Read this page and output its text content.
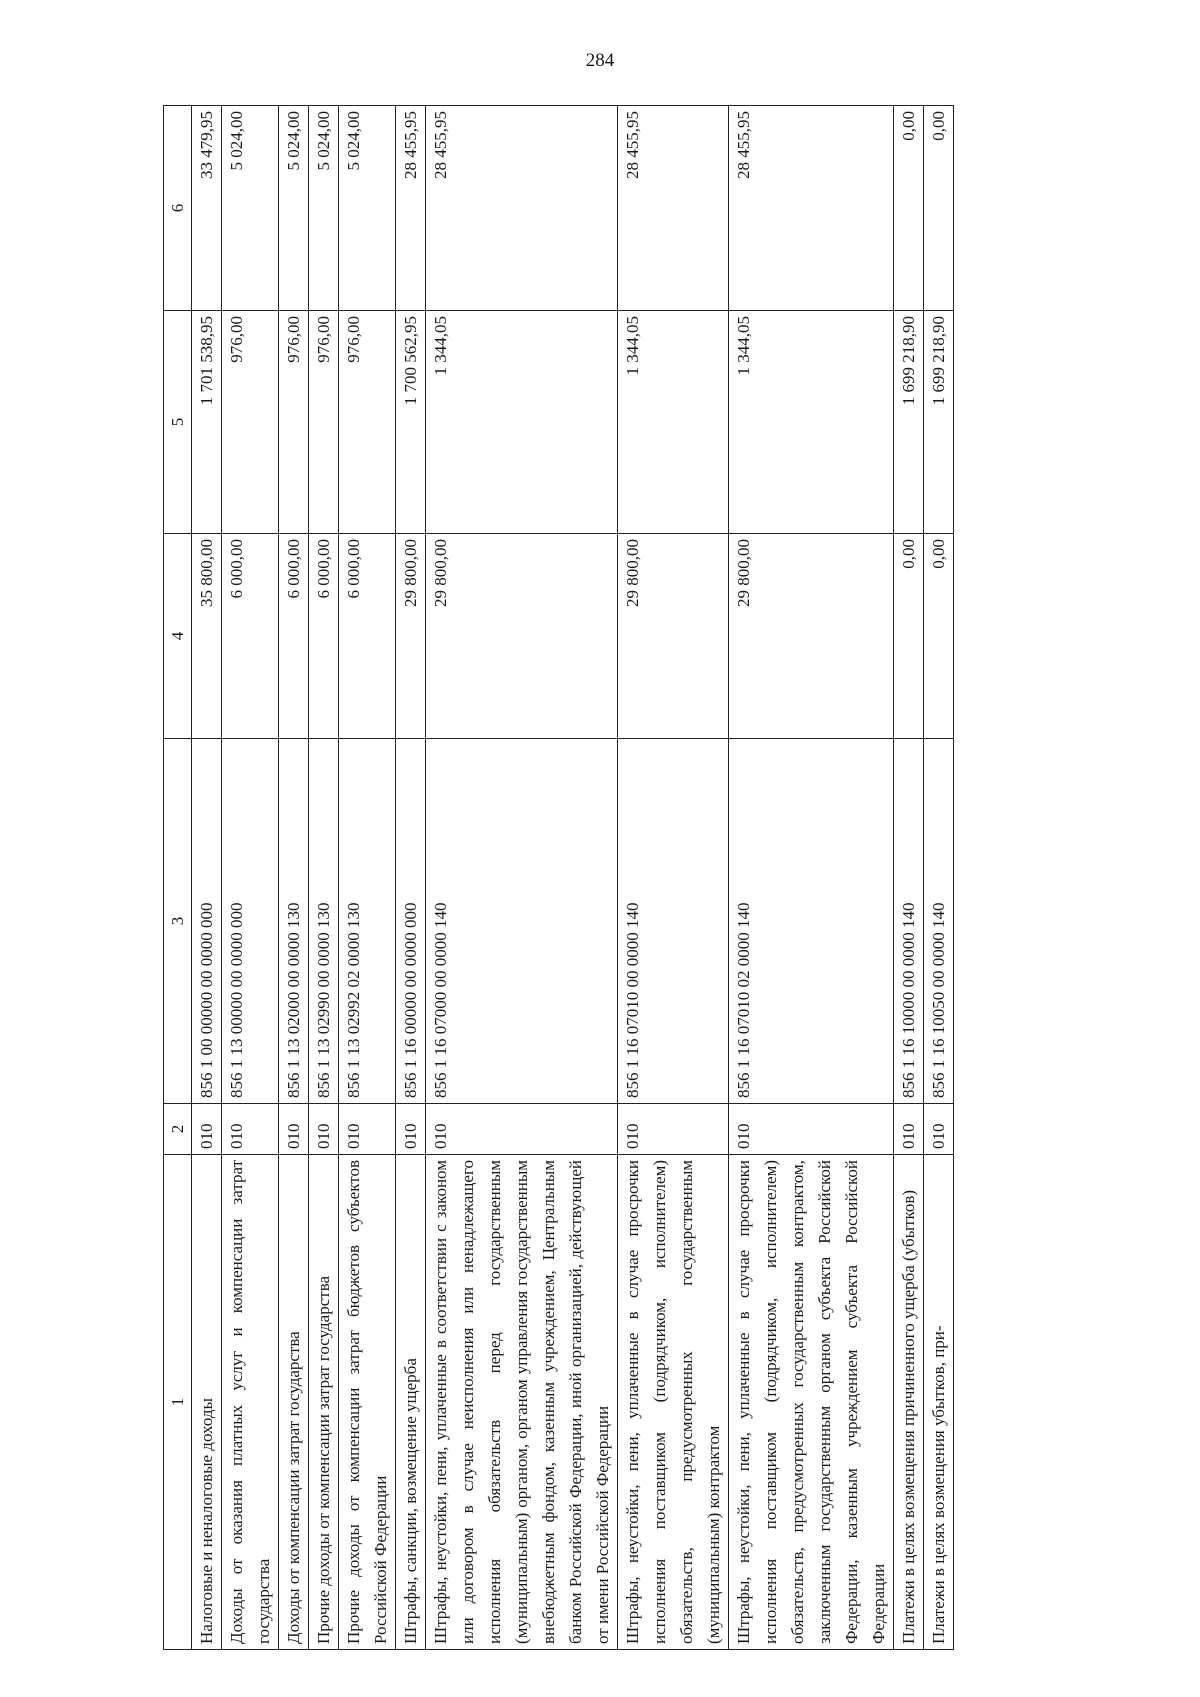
284
1	2	3	4	5	6
Налоговые и неналоговые доходы	010	856 1 00 00000 00 0000 000	35 800,00	1 701 538,95	33 479,95
Доходы от оказания платных услуг и компенсации затрат государства	010	856 1 13 00000 00 0000 000	6 000,00	976,00	5 024,00
Доходы от компенсации затрат государства	010	856 1 13 02000 00 0000 130	6 000,00	976,00	5 024,00
Прочие доходы от компенсации затрат государства	010	856 1 13 02990 00 0000 130	6 000,00	976,00	5 024,00
Прочие доходы от компенсации затрат бюджетов субъектов Российской Федерации	010	856 1 13 02992 02 0000 130	6 000,00	976,00	5 024,00
Штрафы, санкции, возмещение ущерба	010	856 1 16 00000 00 0000 000	29 800,00	1 700 562,95	28 455,95
Штрафы, неустойки, пени, уплаченные в соответствии с законом или договором в случае неисполнения или ненадлежащего исполнения обязательств перед государственным (муниципальным) органом, органом управления государственным внебюджетным фондом, казенным учреждением, Центральным банком Российской Федерации, иной организацией, действующей от имени Российской Федерации	010	856 1 16 07000 00 0000 140	29 800,00	1 344,05	28 455,95
Штрафы, неустойки, пени, уплаченные в случае просрочки исполнения поставщиком (подрядчиком, исполнителем) обязательств, предусмотренных государственным (муниципальным) контрактом	010	856 1 16 07010 00 0000 140	29 800,00	1 344,05	28 455,95
Штрафы, неустойки, пени, уплаченные в случае просрочки исполнения поставщиком (подрядчиком, исполнителем) обязательств, предусмотренных государственным контрактом, заключенным государственным органом субъекта Российской Федерации, казенным учреждением субъекта Российской Федерации	010	856 1 16 07010 02 0000 140	29 800,00	1 344,05	28 455,95
Платежи в целях возмещения причиненного ущерба (убытков)	010	856 1 16 10000 00 0000 140	0,00	1 699 218,90	0,00
Платежи в целях возмещения убытков, при-	010	856 1 16 10050 00 0000 140	0,00	1 699 218,90	0,00
